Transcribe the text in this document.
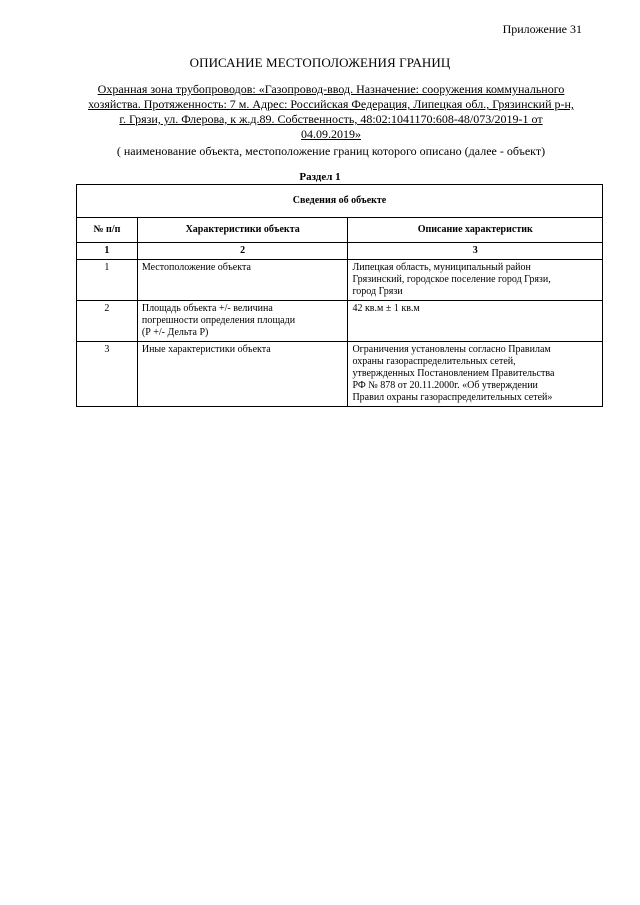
Приложение 31
ОПИСАНИЕ МЕСТОПОЛОЖЕНИЯ ГРАНИЦ
Охранная зона трубопроводов: «Газопровод-ввод. Назначение: сооружения коммунального
хозяйства. Протяженность: 7 м. Адрес: Российская Федерация, Липецкая обл., Грязинский р-н,
г. Грязи, ул. Флерова, к ж.д.89. Собственность, 48:02:1041170:608-48/073/2019-1 от
04.09.2019»
( наименование объекта, местоположение границ которого описано (далее - объект)
Раздел 1
Сведения об объекте		
№ п/п	Характеристики объекта	Описание характеристик
1	2	3
1	Местоположение объекта	Липецкая область, муниципальный район
Грязинский, городское поселение город Грязи,
город Грязи

2	Площадь объекта +/- величина
погрешности определения площади
(Р +/- Дельта Р)	42 кв.м ± 1 кв.м

3	Иные характеристики объекта	Ограничения установлены согласно Правилам
охраны газораспределительных сетей,
утвержденных Постановлением Правительства
РФ № 878 от 20.11.2000г. «Об утверждении
Правил охраны газораспределительных сетей»
